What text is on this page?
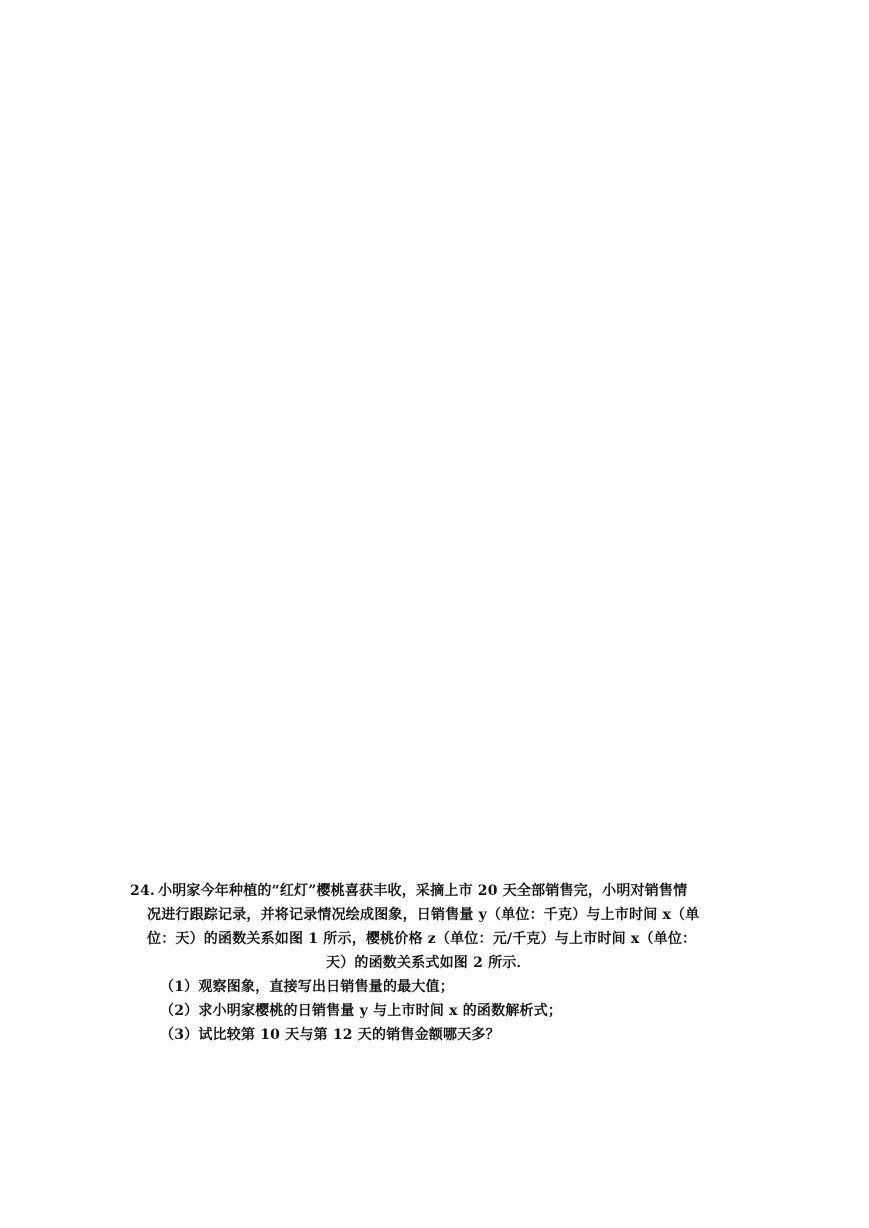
24. 小明家今年种植的“红灯”樱桃喜获丰收，采摘上市 20 天全部销售完，小明对销售情
况进行跟踪记录，并将记录情况绘成图象，日销售量 y（单位：千克）与上市时间 x（单
位：天）的函数关系如图 1 所示，樱桃价格 z（单位：元/千克）与上市时间 x（单位：
天）的函数关系式如图 2 所示．
（1）观察图象，直接写出日销售量的最大值；
（2）求小明家樱桃的日销售量 y 与上市时间 x 的函数解析式；
（3）试比较第 10 天与第 12 天的销售金额哪天多？
